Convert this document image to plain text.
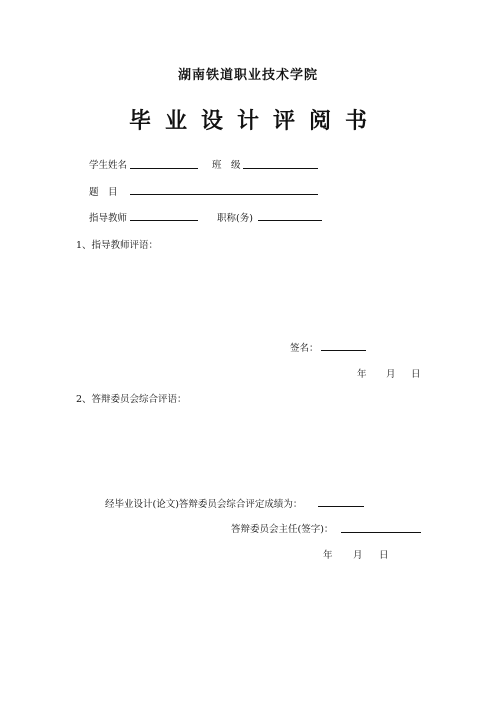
湖南铁道职业技术学院
毕业设计评阅书
学生姓名	班　级
题　目
指导教师	职称(务)
1、指导教师评语：
签名：
年 月 日
2、答辩委员会综合评语：
经毕业设计(论文)答辩委员会综合评定成绩为：
答辩委员会主任(签字)：
年 月 日
